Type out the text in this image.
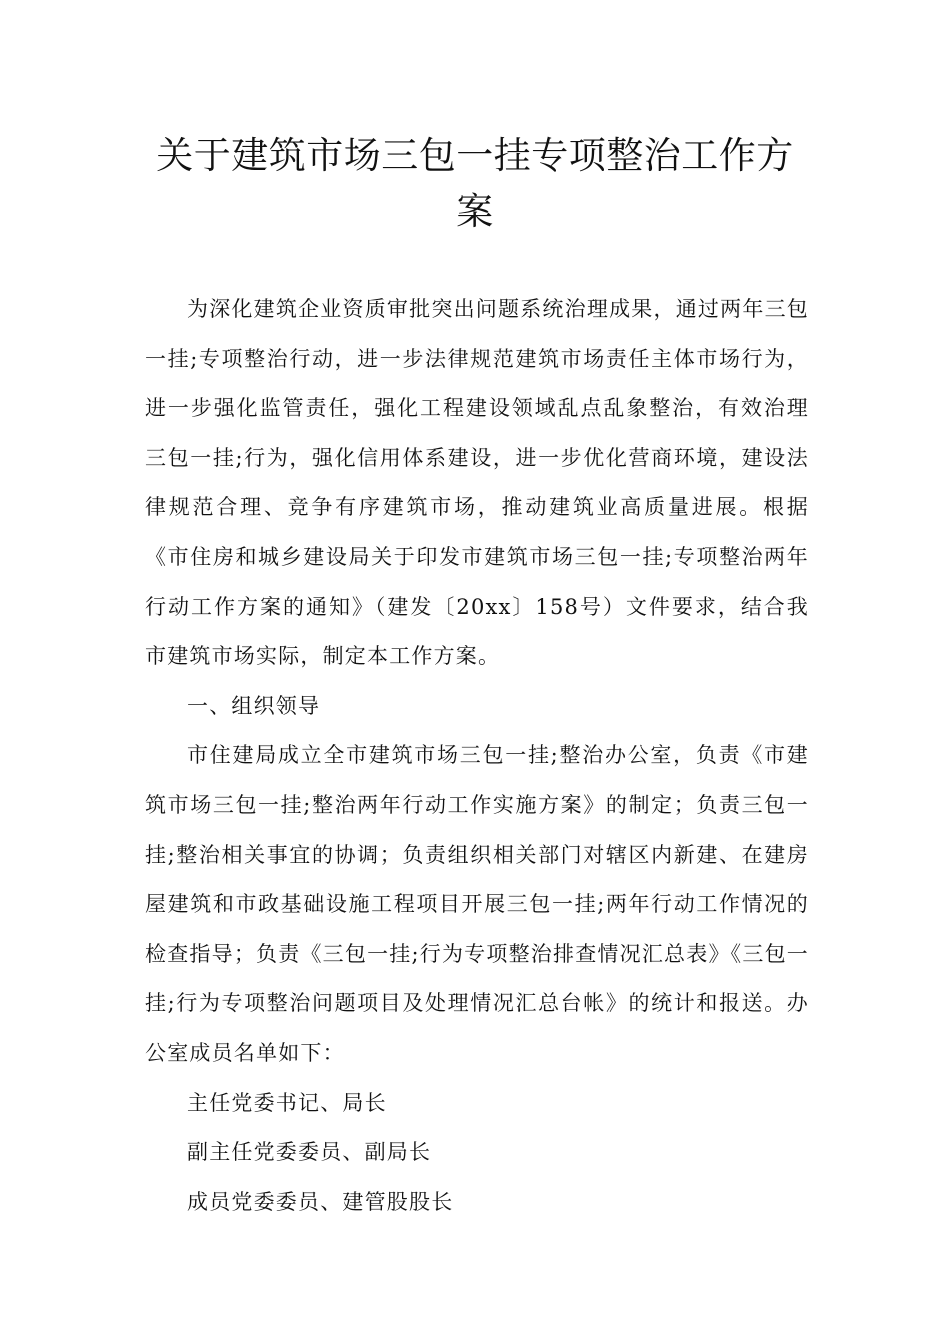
关于建筑市场三包一挂专项整治工作方案

为深化建筑企业资质审批突出问题系统治理成果，通过两年三包一挂;专项整治行动，进一步法律规范建筑市场责任主体市场行为，进一步强化监管责任，强化工程建设领域乱点乱象整治，有效治理三包一挂;行为，强化信用体系建设，进一步优化营商环境，建设法律规范合理、竞争有序建筑市场，推动建筑业高质量进展。根据《市住房和城乡建设局关于印发市建筑市场三包一挂;专项整治两年行动工作方案的通知》（建发〔20xx〕158号）文件要求，结合我市建筑市场实际，制定本工作方案。

一、组织领导

市住建局成立全市建筑市场三包一挂;整治办公室，负责《市建筑市场三包一挂;整治两年行动工作实施方案》的制定；负责三包一挂;整治相关事宜的协调；负责组织相关部门对辖区内新建、在建房屋建筑和市政基础设施工程项目开展三包一挂;两年行动工作情况的检查指导；负责《三包一挂;行为专项整治排查情况汇总表》《三包一挂;行为专项整治问题项目及处理情况汇总台帐》的统计和报送。办公室成员名单如下：

主任党委书记、局长

副主任党委委员、副局长

成员党委委员、建管股股长
